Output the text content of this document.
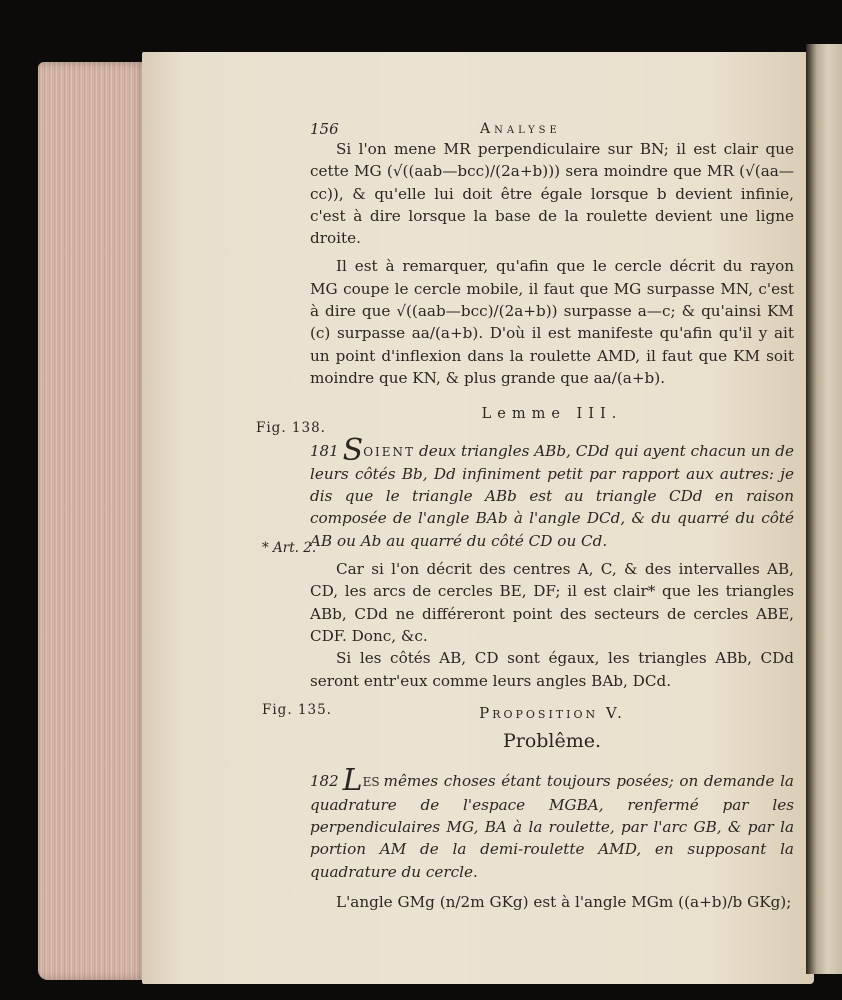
Fig. 138.
* Art. 2.
Fig. 135.
156	Analyse

Si l'on mene MR perpendiculaire sur BN; il est clair que cette MG (√((aab—bcc)/(2a+b))) sera moindre que MR (√(aa—cc)), & qu'elle lui doit être égale lorsque b devient infinie, c'est à dire lorsque la base de la roulette devient une ligne droite.

Il est à remarquer, qu'afin que le cercle décrit du rayon MG coupe le cercle mobile, il faut que MG surpasse MN, c'est à dire que √((aab—bcc)/(2a+b)) surpasse a—c; & qu'ainsi KM (c) surpasse aa/(a+b). D'où il est manifeste qu'afin qu'il y ait un point d'inflexion dans la roulette AMD, il faut que KM soit moindre que KN, & plus grande que aa/(a+b).

Lemme III.

181 SOIENT deux triangles ABb, CDd qui ayent chacun un de leurs côtés Bb, Dd infiniment petit par rapport aux autres: je dis que le triangle ABb est au triangle CDd en raison composée de l'angle BAb à l'angle DCd, & du quarré du côté AB ou Ab au quarré du côté CD ou Cd.

Car si l'on décrit des centres A, C, & des intervalles AB, CD, les arcs de cercles BE, DF; il est clair* que les triangles ABb, CDd ne différeront point des secteurs de cercles ABE, CDF. Donc, &c.

Si les côtés AB, CD sont égaux, les triangles ABb, CDd seront entr'eux comme leurs angles BAb, DCd.

Proposition V.
Problême.

182 LES mêmes choses étant toujours posées; on demande la quadrature de l'espace MGBA, renfermé par les perpendiculaires MG, BA à la roulette, par l'arc GB, & par la portion AM de la demi-roulette AMD, en supposant la quadrature du cercle.

L'angle GMg (n/2m GKg) est à l'angle MGm ((a+b)/b GKg);
